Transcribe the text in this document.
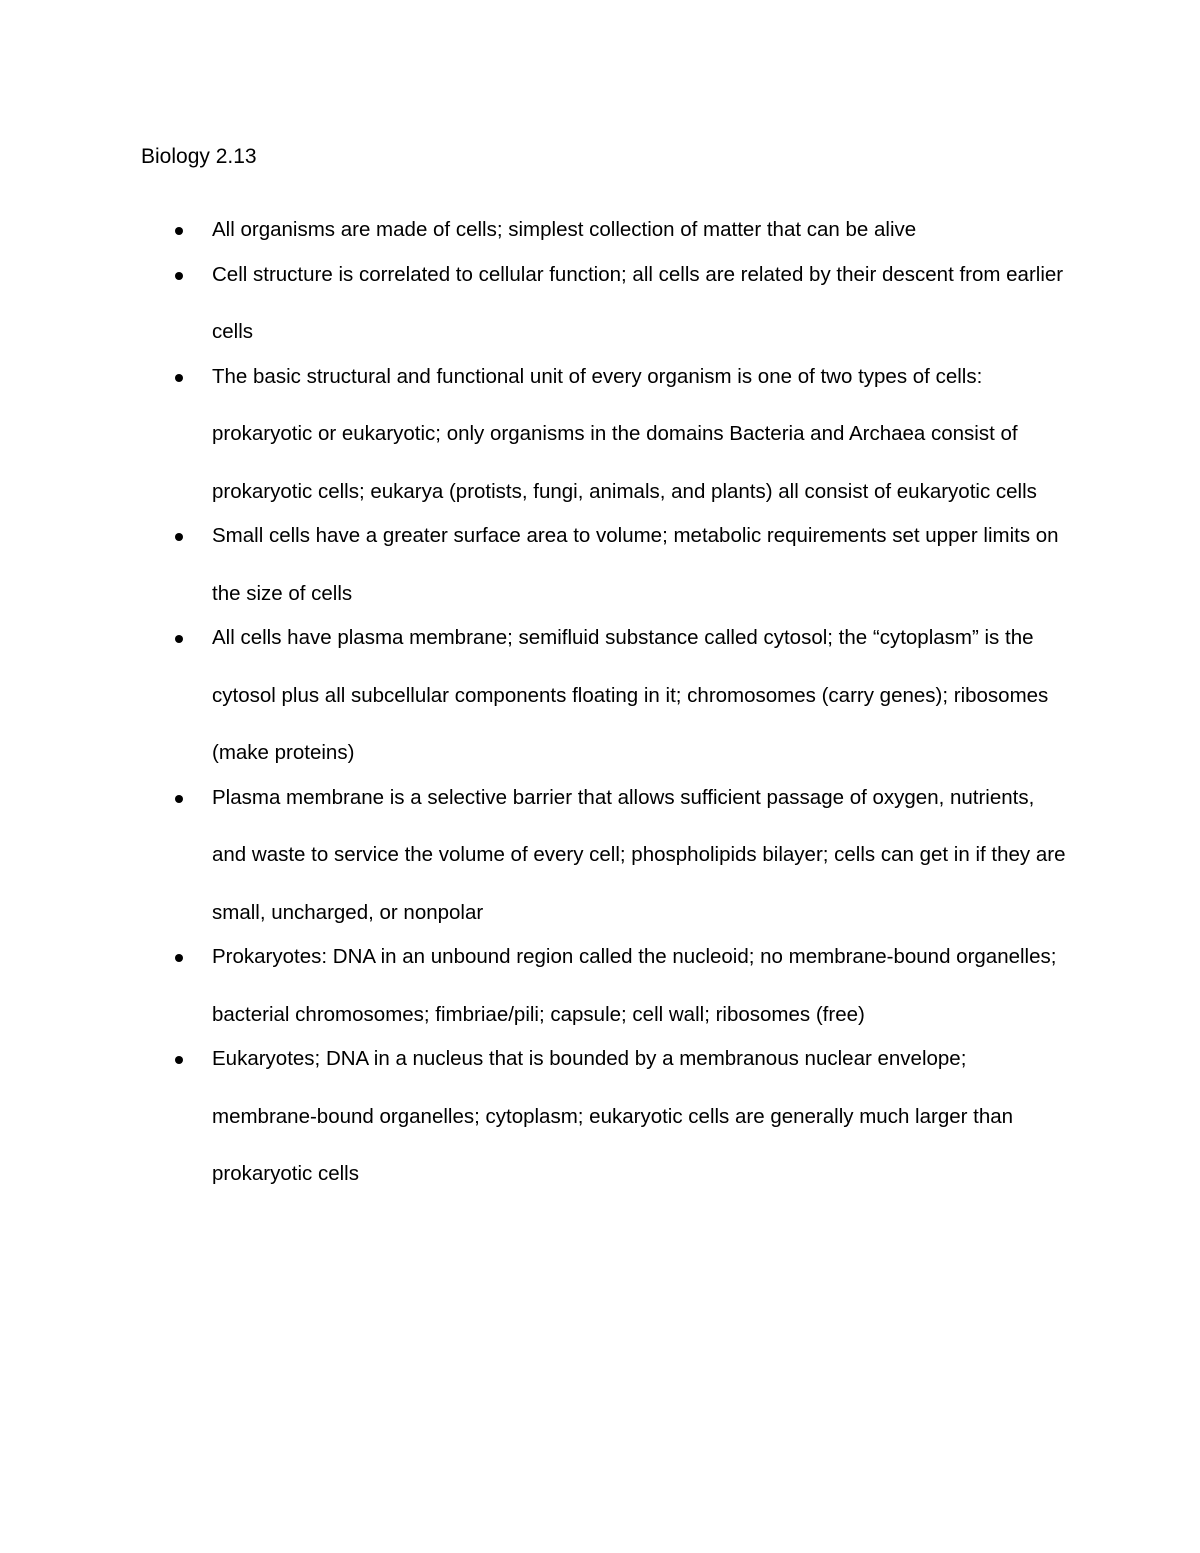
Biology 2.13
All organisms are made of cells; simplest collection of matter that can be alive
Cell structure is correlated to cellular function; all cells are related by their descent from earlier cells
The basic structural and functional unit of every organism is one of two types of cells: prokaryotic or eukaryotic; only organisms in the domains Bacteria and Archaea consist of prokaryotic cells; eukarya (protists, fungi, animals, and plants) all consist of eukaryotic cells
Small cells have a greater surface area to volume; metabolic requirements set upper limits on the size of cells
All cells have plasma membrane; semifluid substance called cytosol; the “cytoplasm” is the cytosol plus all subcellular components floating in it; chromosomes (carry genes); ribosomes (make proteins)
Plasma membrane is a selective barrier that allows sufficient passage of oxygen, nutrients, and waste to service the volume of every cell; phospholipids bilayer; cells can get in if they are small, uncharged, or nonpolar
Prokaryotes: DNA in an unbound region called the nucleoid; no membrane-bound organelles; bacterial chromosomes; fimbriae/pili; capsule; cell wall; ribosomes (free)
Eukaryotes; DNA in a nucleus that is bounded by a membranous nuclear envelope; membrane-bound organelles; cytoplasm; eukaryotic cells are generally much larger than prokaryotic cells
